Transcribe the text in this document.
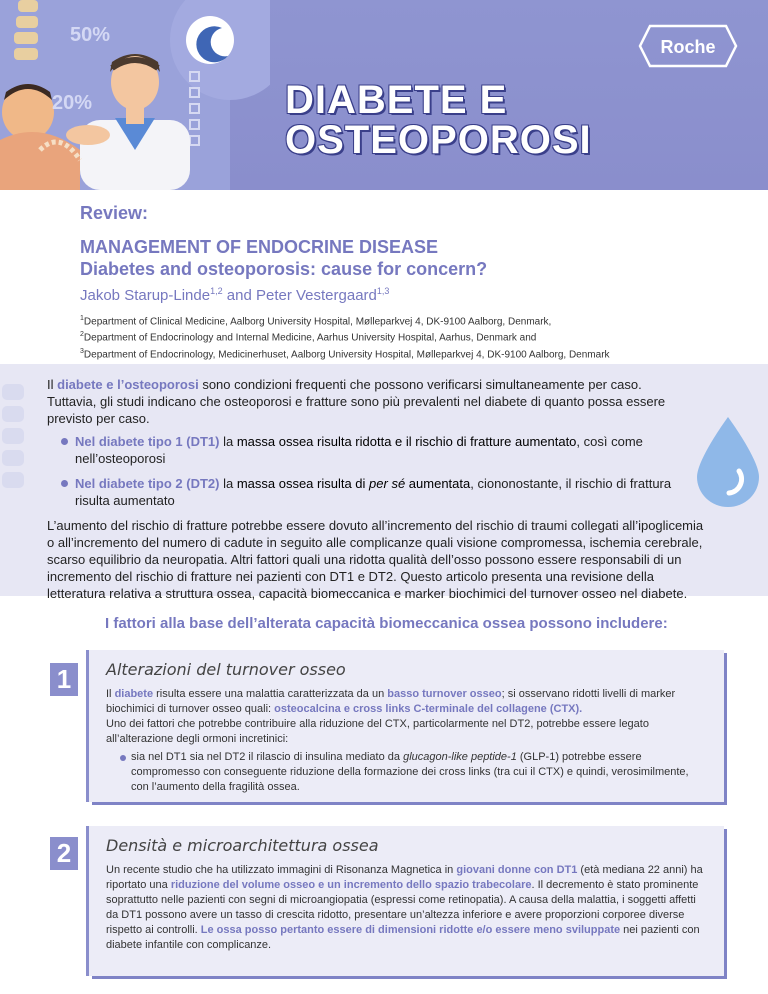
50%
20%	DIABETE E
OSTEOPOROSI
Roche
Review:
MANAGEMENT OF ENDOCRINE DISEASE
Diabetes and osteoporosis: cause for concern?
Jakob Starup-Linde$^{1,2}$ and Peter Vestergaard$^{1,3}$
$^1$Department of Clinical Medicine, Aalborg University Hospital, Mølleparkvej 4, DK-9100 Aalborg, Denmark,
$^2$Department of Endocrinology and Internal Medicine, Aarhus University Hospital, Aarhus, Denmark and
$^3$Department of Endocrinology, Medicinerhuset, Aalborg University Hospital, Mølleparkvej 4, DK-9100 Aalborg, Denmark
Il diabete e l’osteoporosi sono condizioni frequenti che possono verificarsi simultaneamente per caso.
Tuttavia, gli studi indicano che osteoporosi e fratture sono più prevalenti nel diabete di quanto possa essere previsto per caso.
Nel diabete tipo 1 (DT1) la massa ossea risulta ridotta e il rischio di fratture aumentato, così come nell’osteoporosi
Nel diabete tipo 2 (DT2) la massa ossea risulta di per sé aumentata, ciononostante, il rischio di frattura risulta aumentato
L’aumento del rischio di fratture potrebbe essere dovuto all’incremento del rischio di traumi collegati all’ipoglicemia o all’incremento del numero di cadute in seguito alle complicanze quali visione compromessa, ischemia cerebrale, scarso equilibrio da neuropatia. Altri fattori quali una ridotta qualità dell’osso possono essere responsabili di un incremento del rischio di fratture nei pazienti con DT1 e DT2. Questo articolo presenta una revisione della letteratura relativa a struttura ossea, capacità biomeccanica e marker biochimici del turnover osseo nel diabete.
I fattori alla base dell’alterata capacità biomeccanica ossea possono includere:
1	Alterazioni del turnover osseo
Il diabete risulta essere una malattia caratterizzata da un basso turnover osseo; si osservano ridotti livelli di marker biochimici di turnover osseo quali: osteocalcina e cross links C-terminale del collagene (CTX).
Uno dei fattori che potrebbe contribuire alla riduzione del CTX, particolarmente nel DT2, potrebbe essere legato all’alterazione degli ormoni incretinici:
sia nel DT1 sia nel DT2 il rilascio di insulina mediato da glucagon-like peptide-1 (GLP-1) potrebbe essere compromesso con conseguente riduzione della formazione dei cross links (tra cui il CTX) e quindi, verosimilmente, con l’aumento della fragilità ossea.
2	Densità e microarchitettura ossea
Un recente studio che ha utilizzato immagini di Risonanza Magnetica in giovani donne con DT1 (età mediana 22 anni) ha riportato una riduzione del volume osseo e un incremento dello spazio trabecolare. Il decremento è stato prominente soprattutto nelle pazienti con segni di microangiopatia (espressi come retinopatia). A causa della malattia, i soggetti affetti da DT1 possono avere un tasso di crescita ridotto, presentare un’altezza inferiore e avere proporzioni corporee diverse rispetto ai controlli. Le ossa posso pertanto essere di dimensioni ridotte e/o essere meno sviluppate nei pazienti con diabete infantile con complicanze.
